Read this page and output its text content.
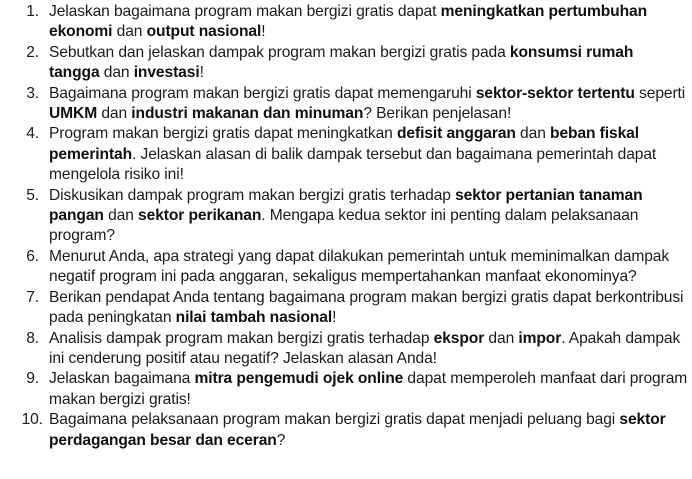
1. Jelaskan bagaimana program makan bergizi gratis dapat meningkatkan pertumbuhan ekonomi dan output nasional!
2. Sebutkan dan jelaskan dampak program makan bergizi gratis pada konsumsi rumah tangga dan investasi!
3. Bagaimana program makan bergizi gratis dapat memengaruhi sektor-sektor tertentu seperti UMKM dan industri makanan dan minuman? Berikan penjelasan!
4. Program makan bergizi gratis dapat meningkatkan defisit anggaran dan beban fiskal pemerintah. Jelaskan alasan di balik dampak tersebut dan bagaimana pemerintah dapat mengelola risiko ini!
5. Diskusikan dampak program makan bergizi gratis terhadap sektor pertanian tanaman pangan dan sektor perikanan. Mengapa kedua sektor ini penting dalam pelaksanaan program?
6. Menurut Anda, apa strategi yang dapat dilakukan pemerintah untuk meminimalkan dampak negatif program ini pada anggaran, sekaligus mempertahankan manfaat ekonominya?
7. Berikan pendapat Anda tentang bagaimana program makan bergizi gratis dapat berkontribusi pada peningkatan nilai tambah nasional!
8. Analisis dampak program makan bergizi gratis terhadap ekspor dan impor. Apakah dampak ini cenderung positif atau negatif? Jelaskan alasan Anda!
9. Jelaskan bagaimana mitra pengemudi ojek online dapat memperoleh manfaat dari program makan bergizi gratis!
10. Bagaimana pelaksanaan program makan bergizi gratis dapat menjadi peluang bagi sektor perdagangan besar dan eceran?
